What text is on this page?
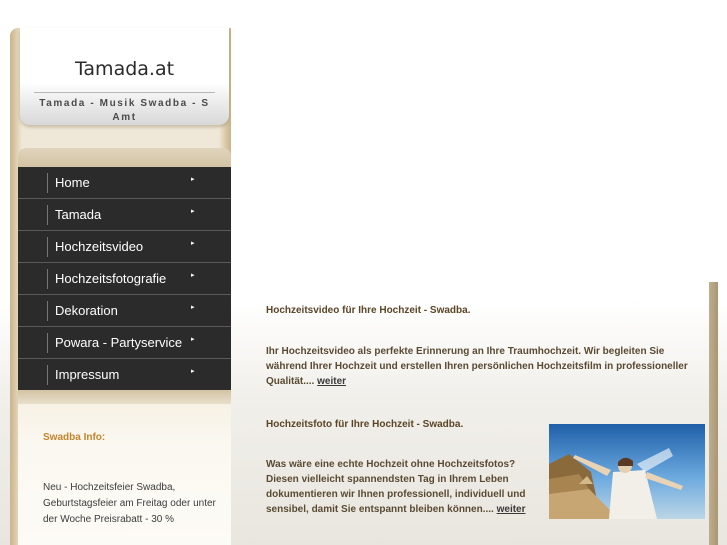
Tamada.at
Tamada - Musik Swadba - S Amt
Home	▸
Tamada	▸
Hochzeitsvideo	▸
Hochzeitsfotografie	▸
Dekoration	▸
Powara - Partyservice ▸
Impressum	▸
Swadba Info:
Neu - Hochzeitsfeier Swadba, Geburtstagsfeier am Freitag oder unter der Woche Preisrabatt - 30 %
Hochzeitsvideo für Ihre Hochzeit - Swadba.

Ihr Hochzeitsvideo als perfekte Erinnerung an Ihre Traumhochzeit. Wir begleiten Sie während Ihrer Hochzeit und erstellen Ihren persönlichen Hochzeitsfilm in professioneller Qualität.... weiter

Hochzeitsfoto für Ihre Hochzeit - Swadba.

Was wäre eine echte Hochzeit ohne Hochzeitsfotos? Diesen vielleicht spannendsten Tag in Ihrem Leben dokumentieren wir Ihnen professionell, individuell und sensibel, damit Sie entspannt bleiben können.... weiter
